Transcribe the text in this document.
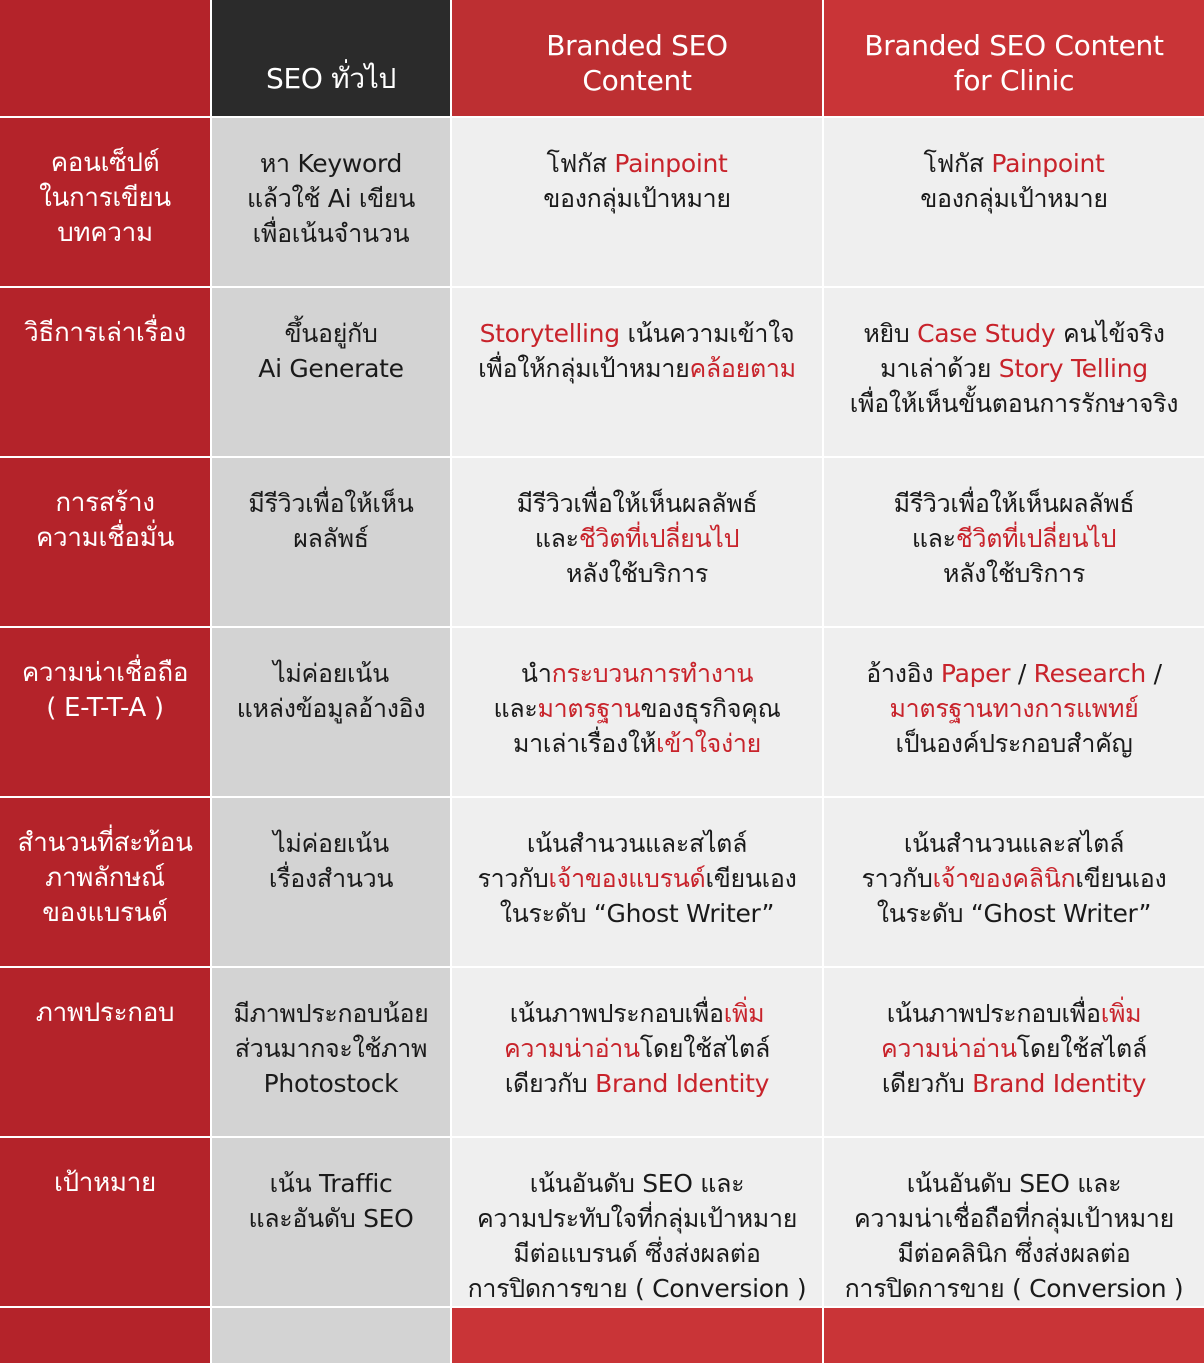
SEO ทั่วไป
Branded SEO
Content
Branded SEO Content
for Clinic
คอนเซ็ปต์
ในการเขียน
บทความ
หา Keyword
แล้วใช้ Ai เขียน
เพื่อเน้นจำนวน
โฟกัส Painpoint
ของกลุ่มเป้าหมาย
โฟกัส Painpoint
ของกลุ่มเป้าหมาย
วิธีการเล่าเรื่อง	ขึ้นอยู่กับ
Ai Generate
Storytelling เน้นความเข้าใจ
เพื่อให้กลุ่มเป้าหมายคล้อยตาม
หยิบ Case Study คนไข้จริง
มาเล่าด้วย Story Telling
เพื่อให้เห็นขั้นตอนการรักษาจริง
การสร้าง
ความเชื่อมั่น
มีรีวิวเพื่อให้เห็น
ผลลัพธ์
มีรีวิวเพื่อให้เห็นผลลัพธ์
และชีวิตที่เปลี่ยนไป
หลังใช้บริการ
มีรีวิวเพื่อให้เห็นผลลัพธ์
และชีวิตที่เปลี่ยนไป
หลังใช้บริการ
ความน่าเชื่อถือ
( E-T-T-A )
ไม่ค่อยเน้น
แหล่งข้อมูลอ้างอิง
นำกระบวนการทำงาน
และมาตรฐานของธุรกิจคุณ
มาเล่าเรื่องให้เข้าใจง่าย
อ้างอิง Paper / Research /
มาตรฐานทางการแพทย์
เป็นองค์ประกอบสำคัญ
สำนวนที่สะท้อน
ภาพลักษณ์
ของแบรนด์
ไม่ค่อยเน้น
เรื่องสำนวน
เน้นสำนวนและสไตล์
ราวกับเจ้าของแบรนด์เขียนเอง
ในระดับ “Ghost Writer”
เน้นสำนวนและสไตล์
ราวกับเจ้าของคลินิกเขียนเอง
ในระดับ “Ghost Writer”
ภาพประกอบ มีภาพประกอบน้อย
ส่วนมากจะใช้ภาพ
Photostock
เน้นภาพประกอบเพื่อเพิ่ม
ความน่าอ่านโดยใช้สไตล์
เดียวกับ Brand Identity
เน้นภาพประกอบเพื่อเพิ่ม
ความน่าอ่านโดยใช้สไตล์
เดียวกับ Brand Identity
เป้าหมาย	เน้น Traffic
และอันดับ SEO
เน้นอันดับ SEO และ
ความประทับใจที่กลุ่มเป้าหมาย
มีต่อแบรนด์ ซึ่งส่งผลต่อ
การปิดการขาย ( Conversion )
เน้นอันดับ SEO และ
ความน่าเชื่อถือที่กลุ่มเป้าหมาย
มีต่อคลินิก ซึ่งส่งผลต่อ
การปิดการขาย ( Conversion )
